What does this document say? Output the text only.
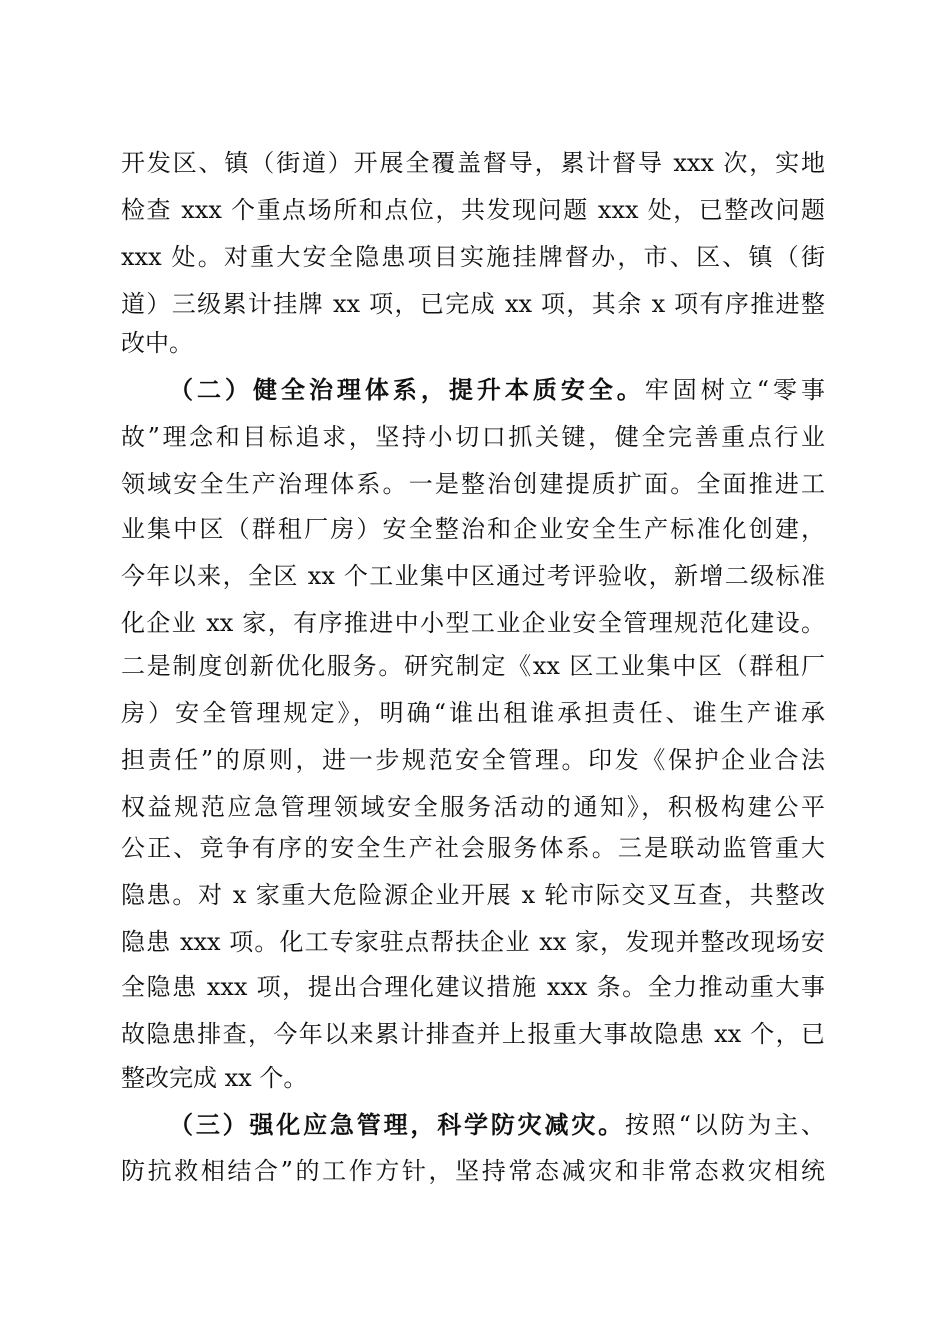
开发区、镇（街道）开展全覆盖督导，累计督导 xxx 次，实地
检查 xxx 个重点场所和点位，共发现问题 xxx 处，已整改问题
xxx 处。对重大安全隐患项目实施挂牌督办，市、区、镇（街
道）三级累计挂牌 xx 项，已完成 xx 项，其余 x 项有序推进整
改中。
（二）健全治理体系，提升本质安全。牢固树立“零事
故”理念和目标追求，坚持小切口抓关键，健全完善重点行业
领域安全生产治理体系。一是整治创建提质扩面。全面推进工
业集中区（群租厂房）安全整治和企业安全生产标准化创建，
今年以来，全区 xx 个工业集中区通过考评验收，新增二级标准
化企业 xx 家，有序推进中小型工业企业安全管理规范化建设。
二是制度创新优化服务。研究制定《xx 区工业集中区（群租厂
房）安全管理规定》，明确“谁出租谁承担责任、谁生产谁承
担责任”的原则，进一步规范安全管理。印发《保护企业合法
权益规范应急管理领域安全服务活动的通知》，积极构建公平
公正、竞争有序的安全生产社会服务体系。三是联动监管重大
隐患。对 x 家重大危险源企业开展 x 轮市际交叉互查，共整改
隐患 xxx 项。化工专家驻点帮扶企业 xx 家，发现并整改现场安
全隐患 xxx 项，提出合理化建议措施 xxx 条。全力推动重大事
故隐患排查，今年以来累计排查并上报重大事故隐患 xx 个，已
整改完成 xx 个。
（三）强化应急管理，科学防灾减灾。按照“以防为主、
防抗救相结合”的工作方针，坚持常态减灾和非常态救灾相统
